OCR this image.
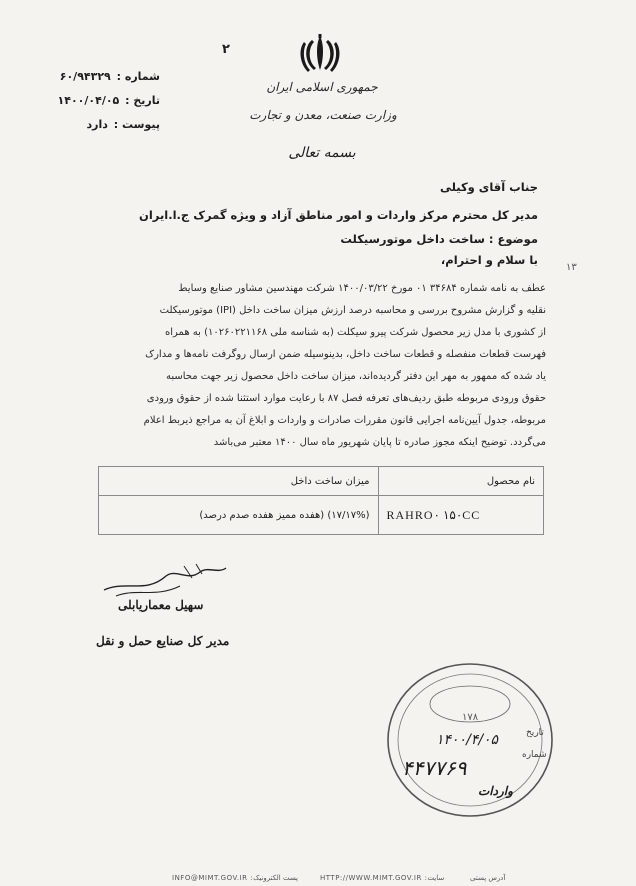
۲
جمهوری اسلامی ایران
وزارت صنعت، معدن و تجارت
بسمه تعالی
شماره : ۶۰/۹۴۳۲۹
تاریخ : ۱۴۰۰/۰۴/۰۵
پیوست : دارد
جناب آقای وکیلی
مدیر کل محترم مرکز واردات و امور مناطق آزاد و ویژه گمرک ج.ا.ایران
موضوع : ساخت داخل موتورسیکلت
با سلام و احترام،
۱۳
عطف به نامه شماره ۳۴۶۸۴ ۰۱ مورخ ۱۴۰۰/۰۳/۲۲ شرکت مهندسین مشاور صنایع وسایط
نقلیه و گزارش مشروح بررسی و محاسبه درصد ارزش میزان ساخت داخل (IPI) موتورسیکلت
از کشوری با مدل زیر محصول شرکت پیرو سیکلت (به شناسه ملی ۱۰۲۶۰۲۲۱۱۶۸) به همراه
فهرست قطعات منفصله و قطعات ساخت داخل، بدینوسیله ضمن ارسال روگرفت نامه‌ها و مدارک
یاد شده که ممهور به مهر این دفتر گردیده‌اند، میزان ساخت داخل محصول زیر جهت محاسبه
حقوق ورودی مربوطه طبق ردیف‌های تعرفه فصل ۸۷ با رعایت موارد استثنا شده از حقوق ورودی
مربوطه، جدول آیین‌نامه اجرایی قانون مقررات صادرات و واردات و ابلاغ آن به مراجع ذیربط اعلام
می‌گردد. توضیح اینکه مجوز صادره تا پایان شهریور ماه سال ۱۴۰۰ معتبر می‌باشد
میزان ساخت داخل	نام محصول
(۱۷/۱۷%) (هفده ممیز هفده صدم درصد)	RAHRO۰ ۱۵۰CC
سهیل معماریابلی
مدیر کل صنایع حمل و نقل
۱۷۸
تاریخ
۱۴۰۰/۴/۰۵
شماره
۴۴۷۷۶۹
واردات
INFO@MIMT.GOV.IR :پست الکترونیک	HTTP://WWW.MIMT.GOV.IR :سایت	آدرس پستی
